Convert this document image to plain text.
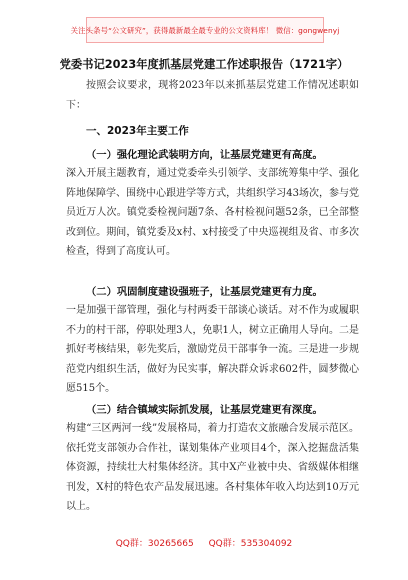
关注头条号“公文研究”，获得最新最全最专业的公文资料库！ 微信：gongwenyj
党委书记2023年度抓基层党建工作述职报告（1721字）
按照会议要求，现将2023年以来抓基层党建工作情况述职如下：
一、2023年主要工作
（一）强化理论武装明方向，让基层党建更有高度。
深入开展主题教育，通过党委牵头引领学、支部统筹集中学、强化阵地保障学、围绕中心跟进学等方式，共组织学习43场次，参与党员近万人次。镇党委检视问题7条、各村检视问题52条，已全部整改到位。期间，镇党委及x村、x村接受了中央巡视组及省、市多次检查，得到了高度认可。
（二）巩固制度建设强班子，让基层党建更有力度。
一是加强干部管理，强化与村两委干部谈心谈话。对不作为或履职不力的村干部，停职处理3人，免职1人，树立正确用人导向。二是抓好考核结果，彰先奖后，激励党员干部事争一流。三是进一步规范党内组织生活，做好为民实事，解决群众诉求602件，圆梦微心愿515个。
（三）结合镇域实际抓发展，让基层党建更有深度。
构建“三区两河一线”发展格局，着力打造农文旅融合发展示范区。依托党支部领办合作社，谋划集体产业项目4个，深入挖掘盘活集体资源，持续壮大村集体经济。其中X产业被中央、省级媒体相继刊发，X村的特色农产品发展迅速。各村集体年收入均达到10万元以上。
QQ群：30265665 QQ群：535304092
